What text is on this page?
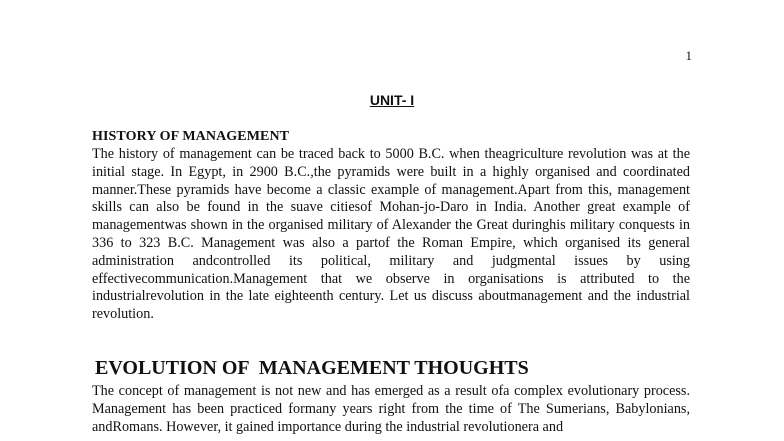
1
UNIT- I
HISTORY OF MANAGEMENT

The history of management can be traced back to 5000 B.C. when theagriculture revolution was at the initial stage. In Egypt, in 2900 B.C.,the pyramids were built in a highly organised and coordinated manner.These pyramids have become a classic example of management.Apart from this, management skills can also be found in the suave citiesof Mohan-jo-Daro in India. Another great example of managementwas shown in the organised military of Alexander the Great duringhis military conquests in 336 to 323 B.C. Management was also a partof the Roman Empire, which organised its general administration andcontrolled its political, military and judgmental issues by using effectivecommunication.Management that we observe in organisations is attributed to the industrialrevolution in the late eighteenth century. Let us discuss aboutmanagement and the industrial revolution.

EVOLUTION OF  MANAGEMENT THOUGHTS

The concept of management is not new and has emerged as a result ofa complex evolutionary process. Management has been practiced formany years right from the time of The Sumerians, Babylonians, andRomans. However, it gained importance during the industrial revolutionera and
